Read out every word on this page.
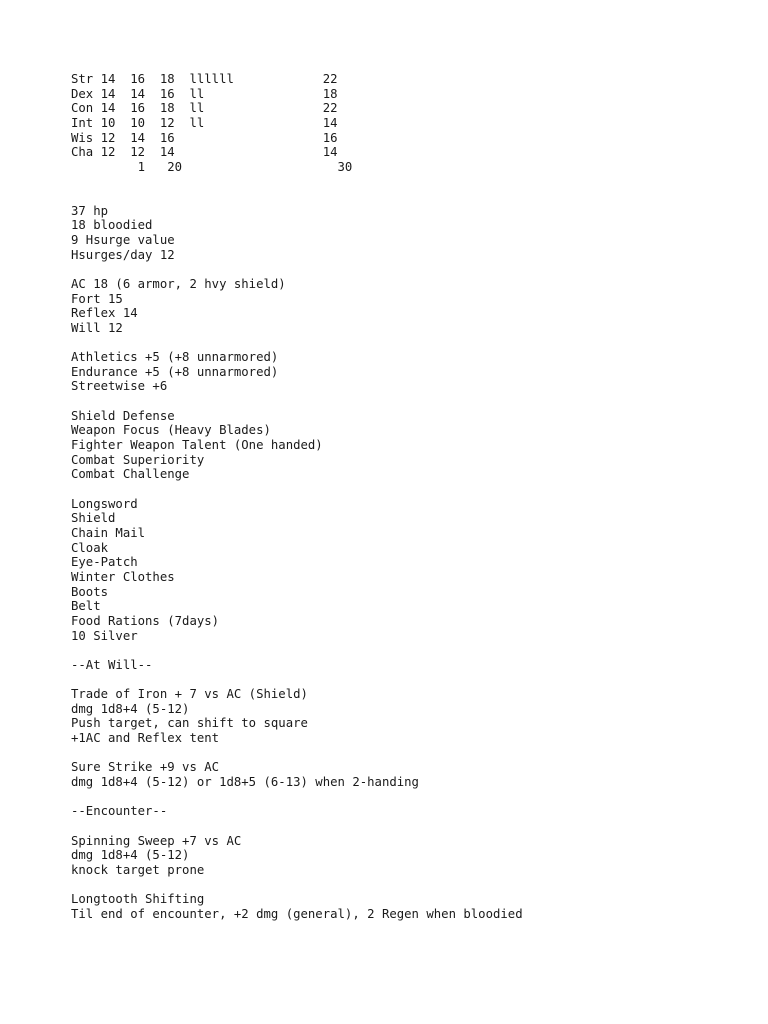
Str 14  16  18  llllll            22
Dex 14  14  16  ll                18
Con 14  16  18  ll                22
Int 10  10  12  ll                14
Wis 12  14  16                    16
Cha 12  12  14                    14
1   20                     30
37 hp
18 bloodied
9 Hsurge value
Hsurges/day 12
AC 18 (6 armor, 2 hvy shield)
Fort 15
Reflex 14
Will 12
Athletics +5 (+8 unnarmored)
Endurance +5 (+8 unnarmored)
Streetwise +6
Shield Defense
Weapon Focus (Heavy Blades)
Fighter Weapon Talent (One handed)
Combat Superiority
Combat Challenge
Longsword
Shield
Chain Mail
Cloak
Eye-Patch
Winter Clothes
Boots
Belt
Food Rations (7days)
10 Silver
--At Will--
Trade of Iron + 7 vs AC (Shield)
dmg 1d8+4 (5-12)
Push target, can shift to square
+1AC and Reflex tent
Sure Strike +9 vs AC
dmg 1d8+4 (5-12) or 1d8+5 (6-13) when 2-handing
--Encounter--
Spinning Sweep +7 vs AC
dmg 1d8+4 (5-12)
knock target prone
Longtooth Shifting
Til end of encounter, +2 dmg (general), 2 Regen when bloodied
